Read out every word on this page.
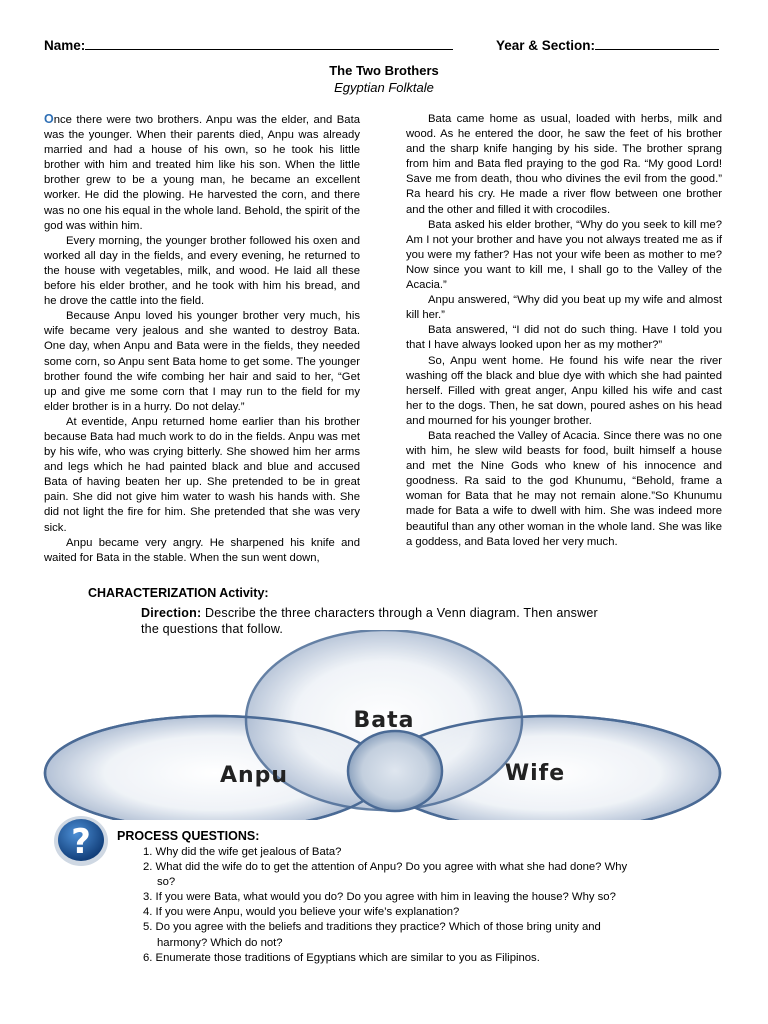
Name:	Year & Section:
The Two Brothers
Egyptian Folktale

Once there were two brothers. Anpu was the elder, and Bata was the younger. When their parents died, Anpu was already married and had a house of his own, so he took his little brother with him and treated him like his son. When the little brother grew to be a young man, he became an excellent worker. He did the plowing. He harvested the corn, and there was no one his equal in the whole land. Behold, the spirit of the god was within him.

Every morning, the younger brother followed his oxen and worked all day in the fields, and every evening, he returned to the house with vegetables, milk, and wood. He laid all these before his elder brother, and he took with him his bread, and he drove the cattle into the field.

Because Anpu loved his younger brother very much, his wife became very jealous and she wanted to destroy Bata. One day, when Anpu and Bata were in the fields, they needed some corn, so Anpu sent Bata home to get some. The younger brother found the wife combing her hair and said to her, “Get up and give me some corn that I may run to the field for my elder brother is in a hurry. Do not delay.”

At eventide, Anpu returned home earlier than his brother because Bata had much work to do in the fields. Anpu was met by his wife, who was crying bitterly. She showed him her arms and legs which he had painted black and blue and accused Bata of having beaten her up. She pretended to be in great pain. She did not give him water to wash his hands with. She did not light the fire for him. She pretended that she was very sick.

Anpu became very angry. He sharpened his knife and waited for Bata in the stable. When the sun went down,

Bata came home as usual, loaded with herbs, milk and wood. As he entered the door, he saw the feet of his brother and the sharp knife hanging by his side. The brother sprang from him and Bata fled praying to the god Ra. “My good Lord! Save me from death, thou who divines the evil from the good.” Ra heard his cry. He made a river flow between one brother and the other and filled it with crocodiles.

Bata asked his elder brother, “Why do you seek to kill me? Am I not your brother and have you not always treated me as if you were my father? Has not your wife been as mother to me? Now since you want to kill me, I shall go to the Valley of the Acacia.”

Anpu answered, “Why did you beat up my wife and almost kill her.”

Bata answered, “I did not do such thing. Have I told you that I have always looked upon her as my mother?”

So, Anpu went home. He found his wife near the river washing off the black and blue dye with which she had painted herself. Filled with great anger, Anpu killed his wife and cast her to the dogs. Then, he sat down, poured ashes on his head and mourned for his younger brother.

Bata reached the Valley of Acacia. Since there was no one with him, he slew wild beasts for food, built himself a house and met the Nine Gods who knew of his innocence and goodness. Ra said to the god Khunumu, “Behold, frame a woman for Bata that he may not remain alone.”So Khunumu made for Bata a wife to dwell with him. She was indeed more beautiful than any other woman in the whole land. She was like a goddess, and Bata loved her very much.

CHARACTERIZATION Activity:
Direction: Describe the three characters through a Venn diagram. Then answer the questions that follow.
Bata
Anpu	Wife
? PROCESS QUESTIONS:
1. Why did the wife get jealous of Bata?
2. What did the wife do to get the attention of Anpu? Do you agree with what she had done? Why so?
3. If you were Bata, what would you do? Do you agree with him in leaving the house? Why so?
4. If you were Anpu, would you believe your wife’s explanation?
5. Do you agree with the beliefs and traditions they practice? Which of those bring unity and harmony? Which do not?
6. Enumerate those traditions of Egyptians which are similar to you as Filipinos.
